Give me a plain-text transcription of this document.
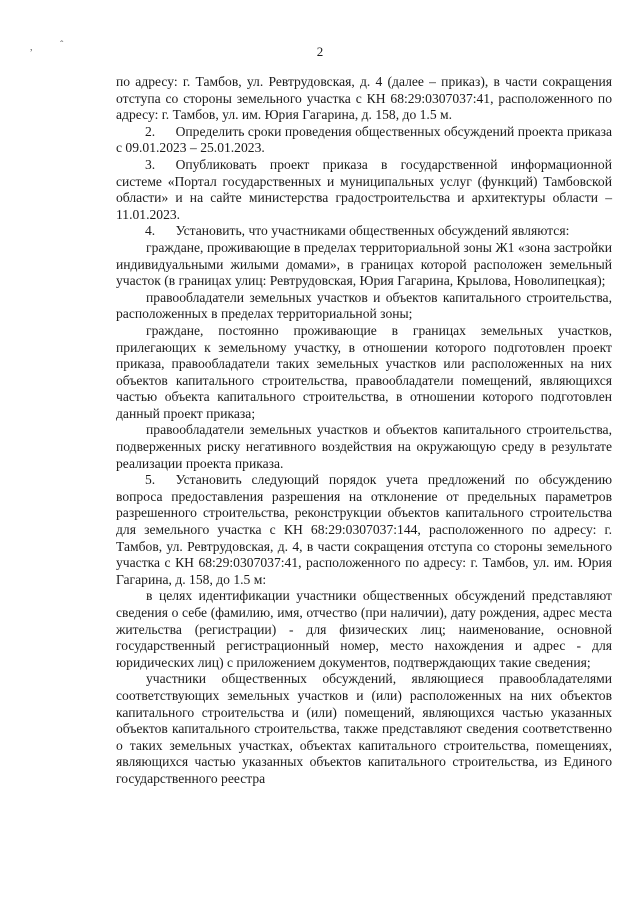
,	ˆ	2

по адресу: г. Тамбов, ул. Ревтрудовская, д. 4 (далее – приказ), в части сокращения отступа со стороны земельного участка с КН 68:29:0307037:41, расположенного по адресу: г. Тамбов, ул. им. Юрия Гагарина, д. 158, до 1.5 м.

2.  Определить сроки проведения общественных обсуждений проекта приказа с 09.01.2023 – 25.01.2023.

3.  Опубликовать проект приказа в государственной информационной системе «Портал государственных и муниципальных услуг (функций) Тамбовской области» и на сайте министерства градостроительства и архитектуры области – 11.01.2023.

4.  Установить, что участниками общественных обсуждений являются:

граждане, проживающие в пределах территориальной зоны Ж1 «зона застройки индивидуальными жилыми домами», в границах которой расположен земельный участок (в границах улиц: Ревтрудовская, Юрия Гагарина, Крылова, Новолипецкая);

правообладатели земельных участков и объектов капитального строительства, расположенных в пределах территориальной зоны;

граждане, постоянно проживающие в границах земельных участков, прилегающих к земельному участку, в отношении которого подготовлен проект приказа, правообладатели таких земельных участков или расположенных на них объектов капитального строительства, правообладатели помещений, являющихся частью объекта капитального строительства, в отношении которого подготовлен данный проект приказа;

правообладатели земельных участков и объектов капитального строительства, подверженных риску негативного воздействия на окружающую среду в результате реализации проекта приказа.

5.  Установить следующий порядок учета предложений по обсуждению вопроса предоставления разрешения на отклонение от предельных параметров разрешенного строительства, реконструкции объектов капитального строительства для земельного участка с КН 68:29:0307037:144, расположенного по адресу: г. Тамбов, ул. Ревтрудовская, д. 4, в части сокращения отступа со стороны земельного участка с КН 68:29:0307037:41, расположенного по адресу: г. Тамбов, ул. им. Юрия Гагарина, д. 158, до 1.5 м:

в целях идентификации участники общественных обсуждений представляют сведения о себе (фамилию, имя, отчество (при наличии), дату рождения, адрес места жительства (регистрации) - для физических лиц; наименование, основной государственный регистрационный номер, место нахождения и адрес - для юридических лиц) с приложением документов, подтверждающих такие сведения;

участники общественных обсуждений, являющиеся правообладателями соответствующих земельных участков и (или) расположенных на них объектов капитального строительства и (или) помещений, являющихся частью указанных объектов капитального строительства, также представляют сведения соответственно о таких земельных участках, объектах капитального строительства, помещениях, являющихся частью указанных объектов капитального строительства, из Единого государственного реестра
